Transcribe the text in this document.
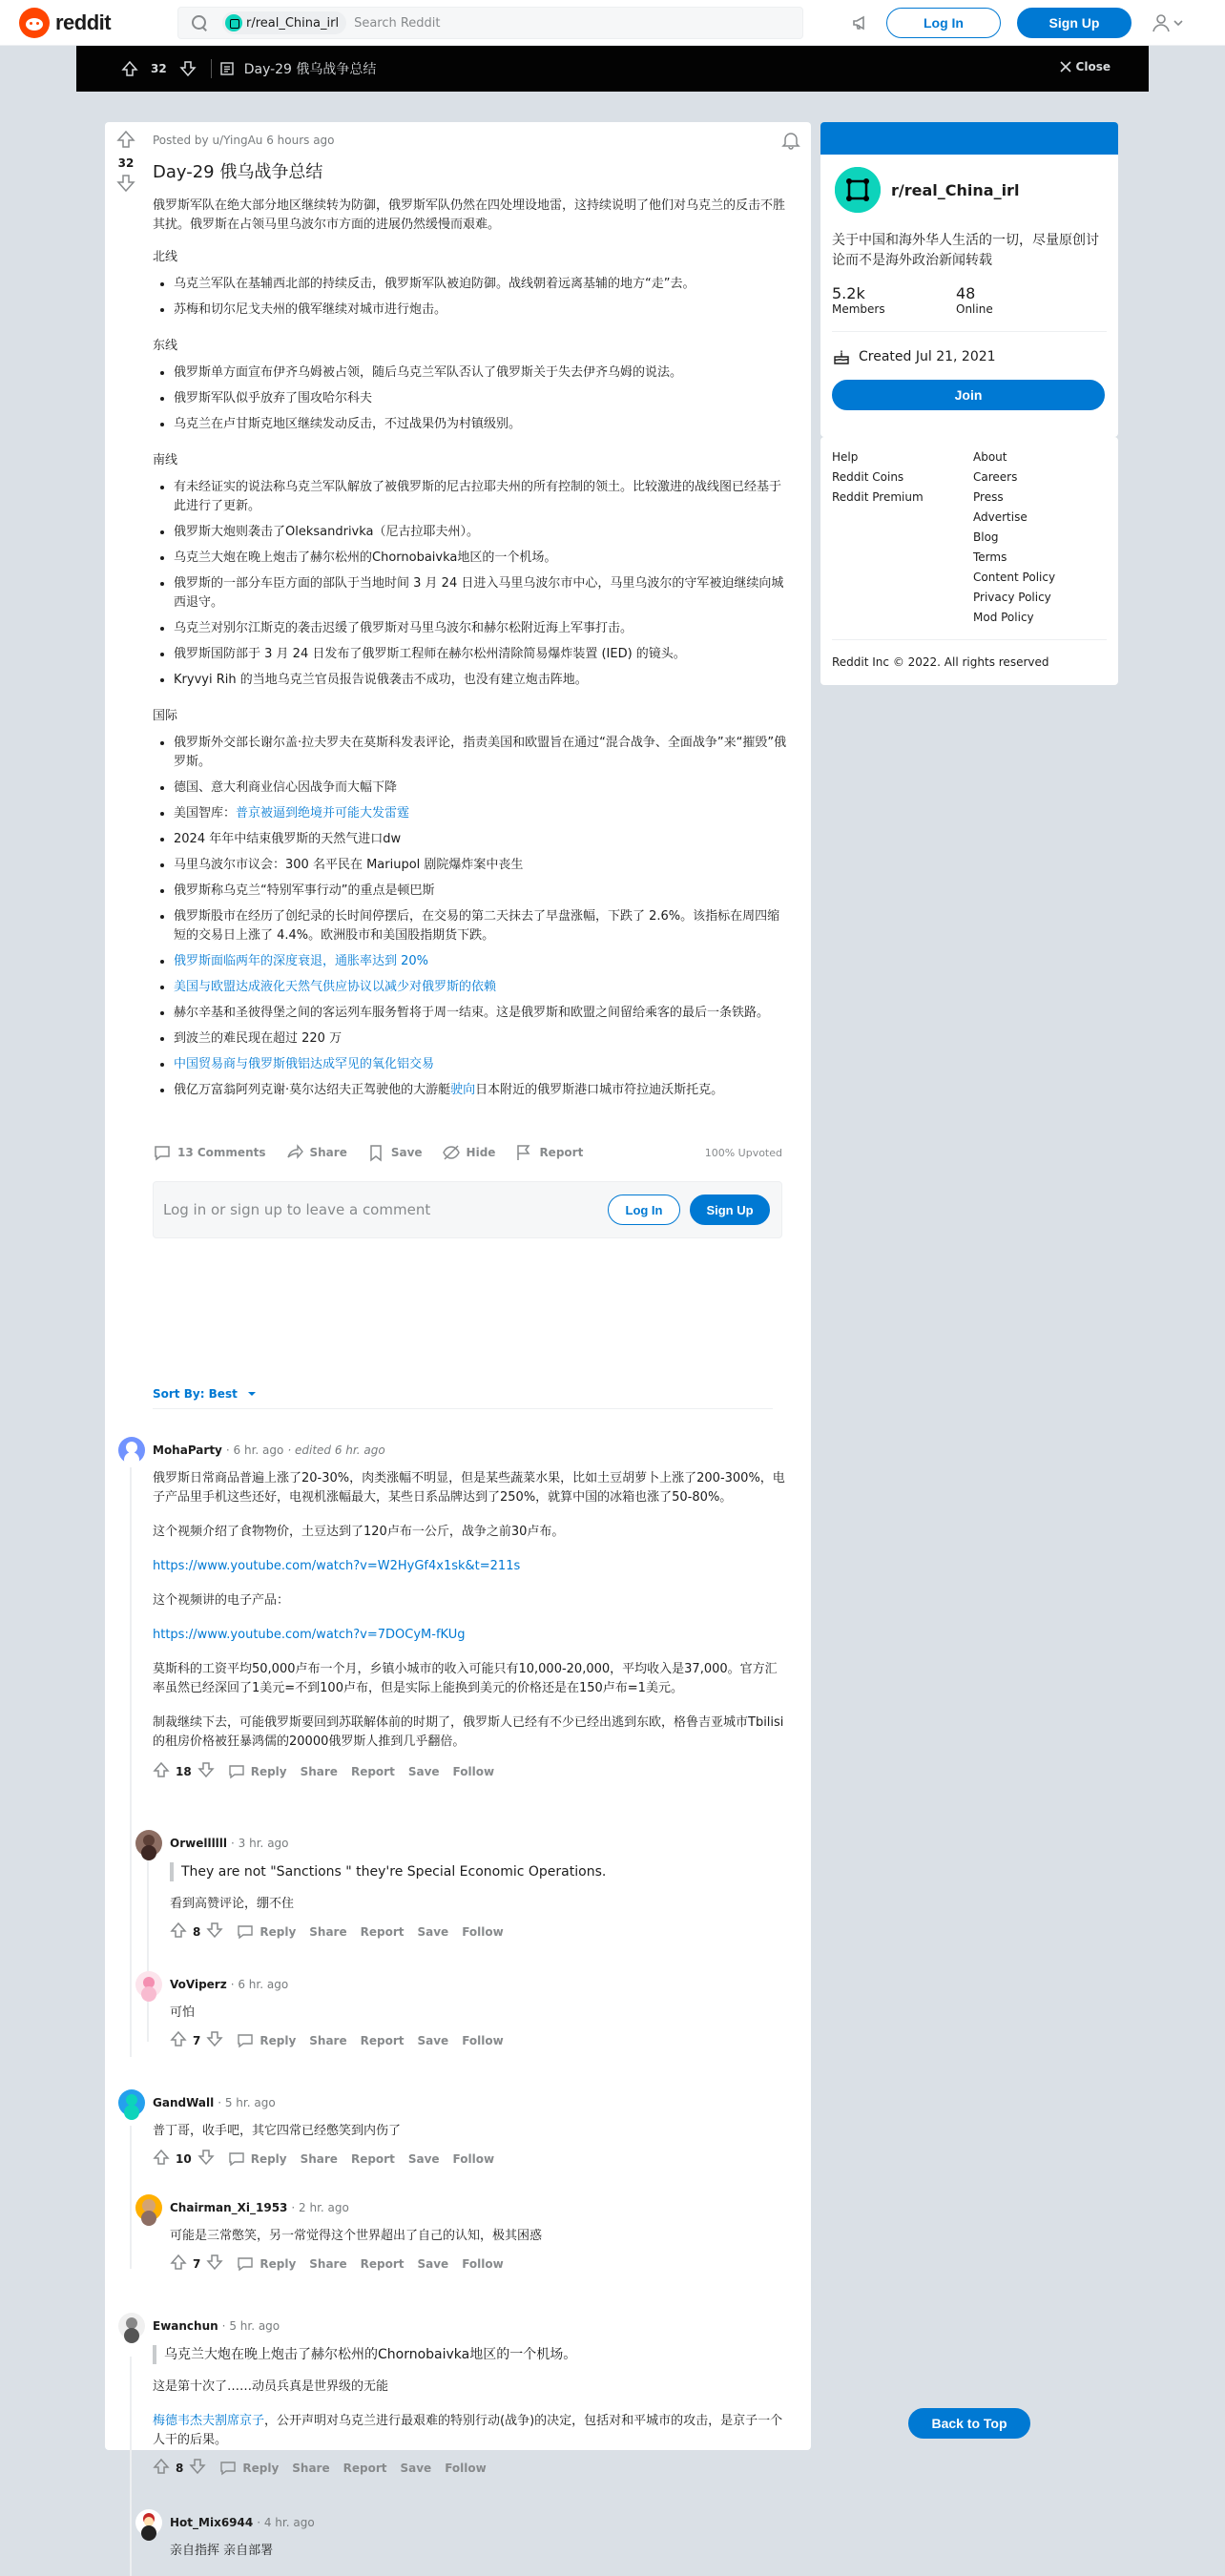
reddit	r/real_China_irl Search Reddit	Log In	Sign Up
32	Day-29 俄乌战争总结	Close
32
Posted by u/YingAu 6 hours ago
Day-29 俄乌战争总结

俄罗斯军队在绝大部分地区继续转为防御，俄罗斯军队仍然在四处埋设地雷，这持续说明了他们对乌克兰的反击不胜其扰。俄罗斯在占领马里乌波尔市方面的进展仍然缓慢而艰难。

北线
• 乌克兰军队在基辅西北部的持续反击，俄罗斯军队被迫防御。战线朝着远离基辅的地方“走”去。
• 苏梅和切尔尼戈夫州的俄军继续对城市进行炮击。
东线
• 俄罗斯单方面宣布伊齐乌姆被占领，随后乌克兰军队否认了俄罗斯关于失去伊齐乌姆的说法。
• 俄罗斯军队似乎放弃了围攻哈尔科夫
• 乌克兰在卢甘斯克地区继续发动反击，不过战果仍为村镇级别。
南线
• 有未经证实的说法称乌克兰军队解放了被俄罗斯的尼古拉耶夫州的所有控制的领土。比较激进的战线图已经基于此进行了更新。
• 俄罗斯大炮则袭击了Oleksandrivka（尼古拉耶夫州）。
• 乌克兰大炮在晚上炮击了赫尔松州的Chornobaivka地区的一个机场。
• 俄罗斯的一部分车臣方面的部队于当地时间 3 月 24 日进入马里乌波尔市中心，马里乌波尔的守军被迫继续向城西退守。
• 乌克兰对别尔江斯克的袭击迟缓了俄罗斯对马里乌波尔和赫尔松附近海上军事打击。
• 俄罗斯国防部于 3 月 24 日发布了俄罗斯工程师在赫尔松州清除简易爆炸装置 (IED) 的镜头。
• Kryvyi Rih 的当地乌克兰官员报告说俄袭击不成功，也没有建立炮击阵地。
国际
• 俄罗斯外交部长谢尔盖·拉夫罗夫在莫斯科发表评论，指责美国和欧盟旨在通过“混合战争、全面战争”来“摧毁”俄罗斯。
• 德国、意大利商业信心因战争而大幅下降
• 美国智库：普京被逼到绝境并可能大发雷霆
• 2024 年年中结束俄罗斯的天然气进口dw
• 马里乌波尔市议会：300 名平民在 Mariupol 剧院爆炸案中丧生
• 俄罗斯称乌克兰“特别军事行动”的重点是顿巴斯
• 俄罗斯股市在经历了创纪录的长时间停摆后，在交易的第二天抹去了早盘涨幅，下跌了 2.6%。该指标在周四缩短的交易日上涨了 4.4%。欧洲股市和美国股指期货下跌。
• 俄罗斯面临两年的深度衰退，通胀率达到 20%
• 美国与欧盟达成液化天然气供应协议以减少对俄罗斯的依赖
• 赫尔辛基和圣彼得堡之间的客运列车服务暂将于周一结束。这是俄罗斯和欧盟之间留给乘客的最后一条铁路。
• 到波兰的难民现在超过 220 万
• 中国贸易商与俄罗斯俄铝达成罕见的氧化铝交易
• 俄亿万富翁阿列克谢·莫尔达绍夫正驾驶他的大游艇驶向日本附近的俄罗斯港口城市符拉迪沃斯托克。
13 Comments	Share	Save	Hide	Report	100% Upvoted
Log in or sign up to leave a comment	Log In	Sign Up
Sort By: Best
MohaParty · 6 hr. ago · edited 6 hr. ago

俄罗斯日常商品普遍上涨了20-30%，肉类涨幅不明显，但是某些蔬菜水果，比如土豆胡萝卜上涨了200-300%，电子产品里手机这些还好，电视机涨幅最大，某些日系品牌达到了250%，就算中国的冰箱也涨了50-80%。

这个视频介绍了食物物价，土豆达到了120卢布一公斤，战争之前30卢布。

https://www.youtube.com/watch?v=W2HyGf4x1sk&t=211s

这个视频讲的电子产品：

https://www.youtube.com/watch?v=7DOCyM-fKUg

莫斯科的工资平均50,000卢布一个月，乡镇小城市的收入可能只有10,000-20,000，平均收入是37,000。官方汇率虽然已经深回了1美元=不到100卢布，但是实际上能换到美元的价格还是在150卢布=1美元。

制裁继续下去，可能俄罗斯要回到苏联解体前的时期了，俄罗斯人已经有不少已经出逃到东欧，格鲁吉亚城市Tbilisi的租房价格被狂暴鸿儒的20000俄罗斯人推到几乎翻倍。

18	Reply Share Report Save Follow
Orwellllll · 3 hr. ago
They are not "Sanctions " they're Special Economic Operations.

看到高赞评论，绷不住

8	Reply Share Report Save Follow
VoViperz · 6 hr. ago

可怕

7	Reply Share Report Save Follow
GandWall · 5 hr. ago

普丁哥，收手吧，其它四常已经憋笑到内伤了

10	Reply Share Report Save Follow
Chairman_Xi_1953 · 2 hr. ago

可能是三常憋笑，另一常觉得这个世界超出了自己的认知，极其困惑

7	Reply Share Report Save Follow
Ewanchun · 5 hr. ago
乌克兰大炮在晚上炮击了赫尔松州的Chornobaivka地区的一个机场。

这是第十次了……动员兵真是世界级的无能

梅德韦杰夫割席京子，公开声明对乌克兰进行最艰难的特别行动(战争)的决定，包括对和平城市的攻击，是京子一个人干的后果。

8	Reply Share Report Save Follow
Hot_Mix6944 · 4 hr. ago

亲自指挥 亲自部署

r/real_China_irl
关于中国和海外华人生活的一切，尽量原创讨论而不是海外政治新闻转载
5.2k
Members
48
Online
Created Jul 21, 2021
Join
Help	About
Reddit Coins	Careers
Reddit Premium	Press
Advertise
Blog
Terms
Content Policy
Privacy Policy
Mod Policy
Reddit Inc © 2022. All rights reserved
Back to Top
